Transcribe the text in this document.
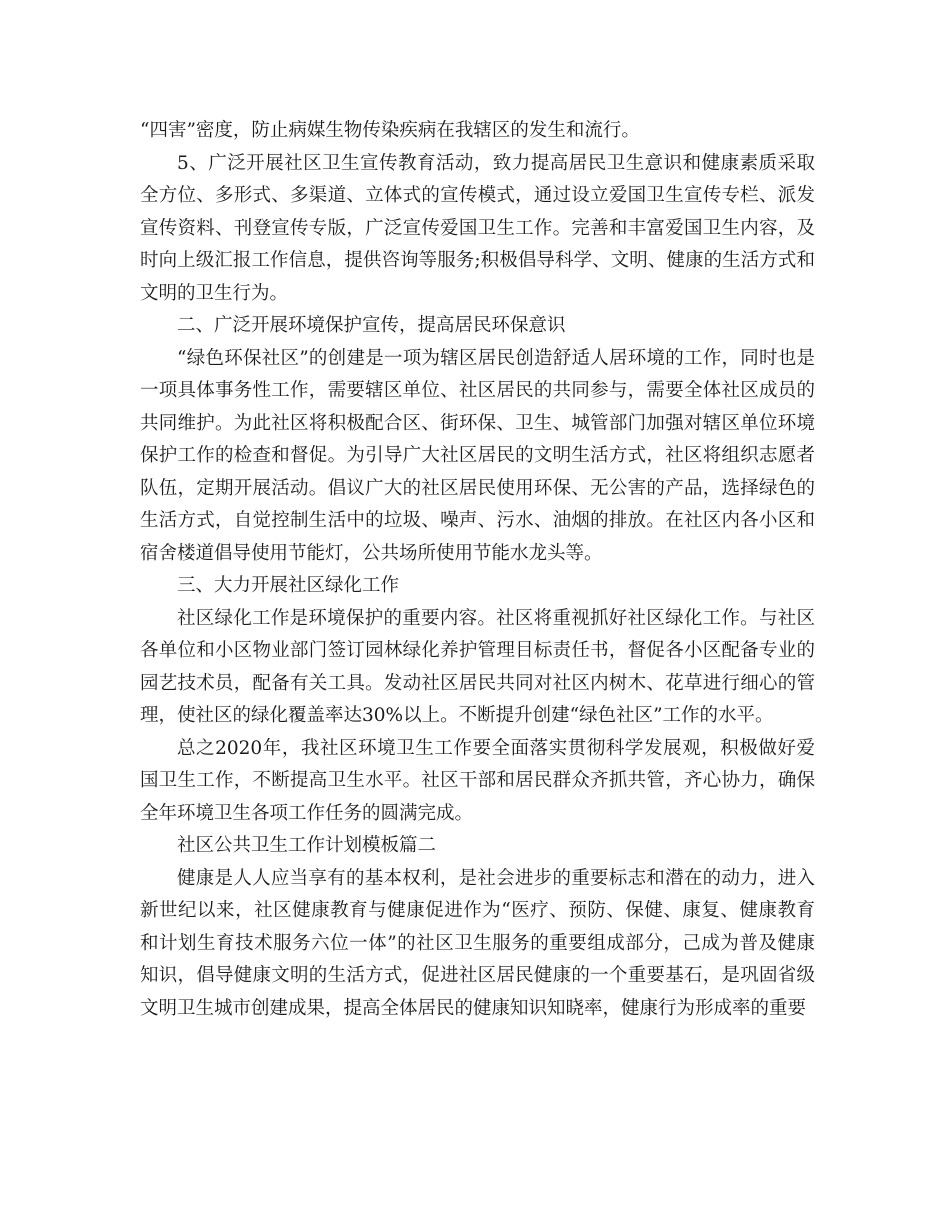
“四害”密度，防止病媒生物传染疾病在我辖区的发生和流行。

5、广泛开展社区卫生宣传教育活动，致力提高居民卫生意识和健康素质采取全方位、多形式、多渠道、立体式的宣传模式，通过设立爱国卫生宣传专栏、派发宣传资料、刊登宣传专版，广泛宣传爱国卫生工作。完善和丰富爱国卫生内容，及时向上级汇报工作信息，提供咨询等服务;积极倡导科学、文明、健康的生活方式和文明的卫生行为。

二、广泛开展环境保护宣传，提高居民环保意识

“绿色环保社区”的创建是一项为辖区居民创造舒适人居环境的工作，同时也是一项具体事务性工作，需要辖区单位、社区居民的共同参与，需要全体社区成员的共同维护。为此社区将积极配合区、街环保、卫生、城管部门加强对辖区单位环境保护工作的检查和督促。为引导广大社区居民的文明生活方式，社区将组织志愿者队伍，定期开展活动。倡议广大的社区居民使用环保、无公害的产品，选择绿色的生活方式，自觉控制生活中的垃圾、噪声、污水、油烟的排放。在社区内各小区和宿舍楼道倡导使用节能灯，公共场所使用节能水龙头等。

三、大力开展社区绿化工作

社区绿化工作是环境保护的重要内容。社区将重视抓好社区绿化工作。与社区各单位和小区物业部门签订园林绿化养护管理目标责任书，督促各小区配备专业的园艺技术员，配备有关工具。发动社区居民共同对社区内树木、花草进行细心的管理，使社区的绿化覆盖率达30%以上。不断提升创建“绿色社区”工作的水平。

总之2020年，我社区环境卫生工作要全面落实贯彻科学发展观，积极做好爱国卫生工作，不断提高卫生水平。社区干部和居民群众齐抓共管，齐心协力，确保全年环境卫生各项工作任务的圆满完成。

社区公共卫生工作计划模板篇二

健康是人人应当享有的基本权利，是社会进步的重要标志和潜在的动力，进入新世纪以来，社区健康教育与健康促进作为“医疗、预防、保健、康复、健康教育和计划生育技术服务六位一体”的社区卫生服务的重要组成部分，己成为普及健康知识，倡导健康文明的生活方式，促进社区居民健康的一个重要基石，是巩固省级文明卫生城市创建成果，提高全体居民的健康知识知晓率，健康行为形成率的重要
